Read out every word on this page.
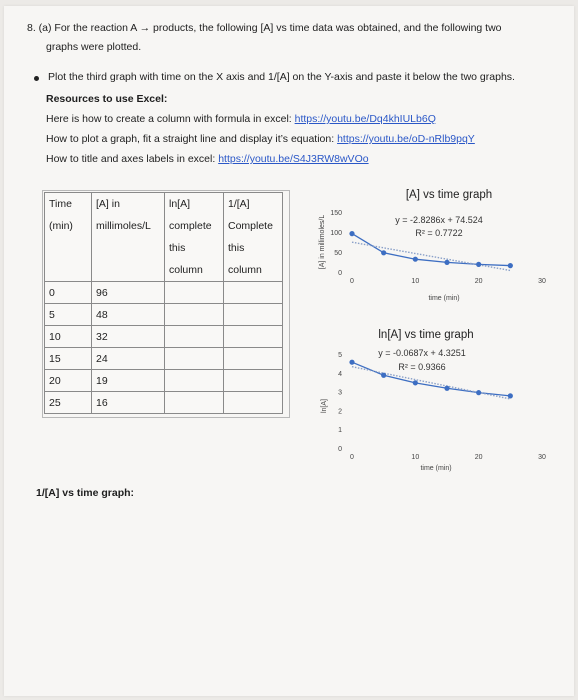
8. (a) For the reaction A → products, the following [A] vs time data was obtained, and the following two
graphs were plotted.
Plot the third graph with time on the X axis and 1/[A] on the Y-axis and paste it below the two graphs.
Resources to use Excel:
Here is how to create a column with formula in excel: https://youtu.be/Dq4khIULb6Q
How to plot a graph, fit a straight line and display it’s equation: https://youtu.be/oD-nRlb9pqY
How to title and axes labels in excel: https://youtu.be/S4J3RW8wVOo
Time	[A] in	ln[A]	1/[A]
(min)	millimoles/L	complete	Complete
		this	this
		column	column
0	96		
5	48		
10	32		
15	24		
20	19		
25	16		
[A] vs time graph
0
50
100
150
0	10	20	30
time (min)
[A] in millimoles/L	y = -2.8286x + 74.524
R² = 0.7722
ln[A] vs time graph
0
1
2
3
4
5
0	10	20	30
time (min)
ln[A]
y = -0.0687x + 4.3251
R² = 0.9366
1/[A] vs time graph:
